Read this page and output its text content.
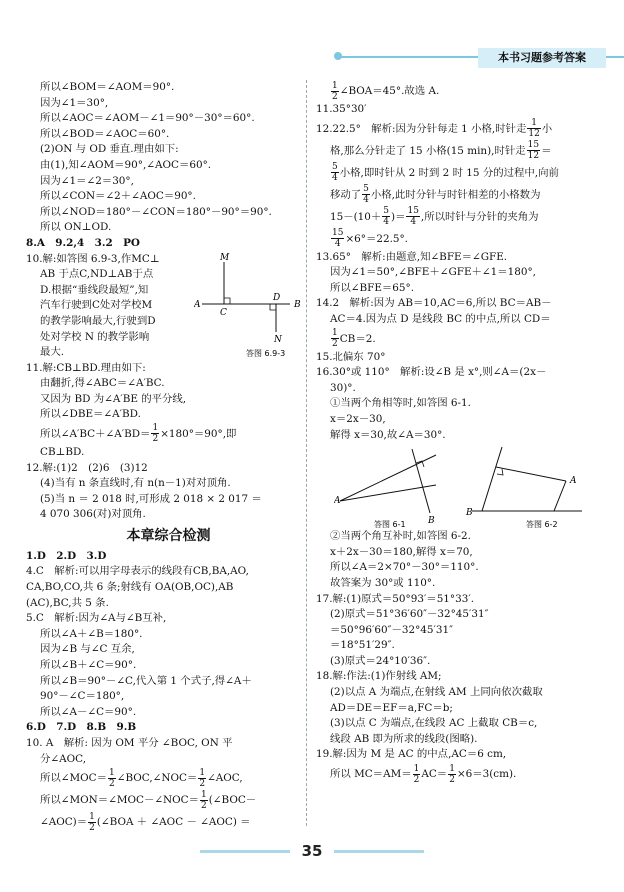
本书习题参考答案
所以∠BOM＝∠AOM＝90°.
因为∠1＝30°,
所以∠AOC＝∠AOM－∠1＝90°－30°＝60°.
所以∠BOD＝∠AOC＝60°.
(2)ON 与 OD 垂直.理由如下:
由(1),知∠AOM＝90°,∠AOC＝60°.
因为∠1＝∠2＝30°,
所以∠CON＝∠2＋∠AOC＝90°.
所以∠NOD＝180°－∠CON＝180°－90°＝90°.
所以 ON⊥OD.
8.A　9.2,4　3.2　PO
10.解:如答图 6.9-3,作MC⊥
AB 于点C,ND⊥AB于点
D.根据“垂线段最短”,知
汽车行驶到C处对学校M
的教学影响最大,行驶到D
处对学校 N 的教学影响
最大.
M
A
C
D
B
N
答图 6.9-3
11.解:CB⊥BD.理由如下:
由翻折,得∠ABC＝∠A′BC.
又因为 BD 为∠A′BE 的平分线,
所以∠DBE＝∠A′BD.
所以∠A′BC＋∠A′BD＝ $\frac{1}{2} \times 180^\circ=90^\circ$,即
CB⊥BD.
12.解:(1)2　(2)6　(3)12
(4)当有 n 条直线时,有 n(n－1)对对顶角.
(5)当 n ＝ 2 018 时,可形成 2 018 × 2 017 ＝
4 070 306(对)对顶角.
本章综合检测
1.D　2.D　3.D
4.C　解析:可以用字母表示的线段有CB,BA,AO,
CA,BO,CO,共 6 条;射线有 OA(OB,OC),AB
(AC),BC,共 5 条.
5.C　解析:因为∠A与∠B互补,
所以∠A＋∠B＝180°.
因为∠B 与∠C 互余,
所以∠B＋∠C＝90°.
所以∠B＝90°－∠C,代入第 1 个式子,得∠A＋
90°－∠C＝180°,
所以∠A－∠C＝90°.
6.D　7.D　8.B　9.B
10. A　解析: 因为 OM 平分 ∠BOC, ON 平
分∠AOC,
所以∠MOC＝ $\frac{1}{2}$ ∠BOC,∠NOC＝ $\frac{1}{2}$ ∠AOC,
所以∠MON＝∠MOC－∠NOC＝ $\frac{1}{2}$ (∠BOC－
∠AOC)＝ $\frac{1}{2}$ (∠BOA ＋ ∠AOC － ∠AOC) ＝
$\frac{1}{2}$ ∠BOA＝45°.故选 A.
11.35°30′
12.22.5°　解析:因为分针每走 1 小格,时针走 $\frac{1}{12}$ 小
格,那么分针走了 15 小格(15 min),时针走 $\frac{15}{12}$ ＝
$\frac{5}{4}$ 小格,即时针从 2 时到 2 时 15 分的过程中,向前
移动了 $\frac{5}{4}$ 小格,此时分针与时针相差的小格数为
$15-(10+ \frac{5}{4}$ )＝ $\frac{15}{4}$ ,所以时针与分针的夹角为
$\frac{15}{4} \times 6^\circ=22.5^\circ$.
13.65°　解析:由题意,知∠BFE＝∠GFE.
因为∠1＝50°,∠BFE＋∠GFE＋∠1＝180°,
所以∠BFE＝65°.
14.2　解析:因为 AB＝10,AC＝6,所以 BC＝AB－
AC＝4.因为点 D 是线段 BC 的中点,所以 CD＝
$\frac{1}{2} CB=2$.
15.北偏东 70°
16.30°或 110°　解析:设∠B 是 x°,则∠A＝(2x－
30)°.
①当两个角相等时,如答图 6-1.
x＝2x－30,
解得 x＝30,故∠A＝30°.
A
B
答图 6-1
A
B
答图 6-2
②当两个角互补时,如答图 6-2.
x＋2x－30＝180,解得 x＝70,
所以∠A＝2×70°－30°＝110°.
故答案为 30°或 110°.
17.解:(1)原式＝50°93′＝51°33′.
(2)原式＝51°36′60″－32°45′31″
＝50°96′60″－32°45′31″
＝18°51′29″.
(3)原式＝24°10′36″.
18.解:作法:(1)作射线 AM;
(2)以点 A 为端点,在射线 AM 上同向依次截取
AD＝DE＝EF＝a,FC＝b;
(3)以点 C 为端点,在线段 AC 上截取 CB＝c,
线段 AB 即为所求的线段(图略).
19.解:因为 M 是 AC 的中点,AC＝6 cm,
所以 $MC=AM= \frac{1}{2} AC= \frac{1}{2} \times 6=3(cm)$.
35
